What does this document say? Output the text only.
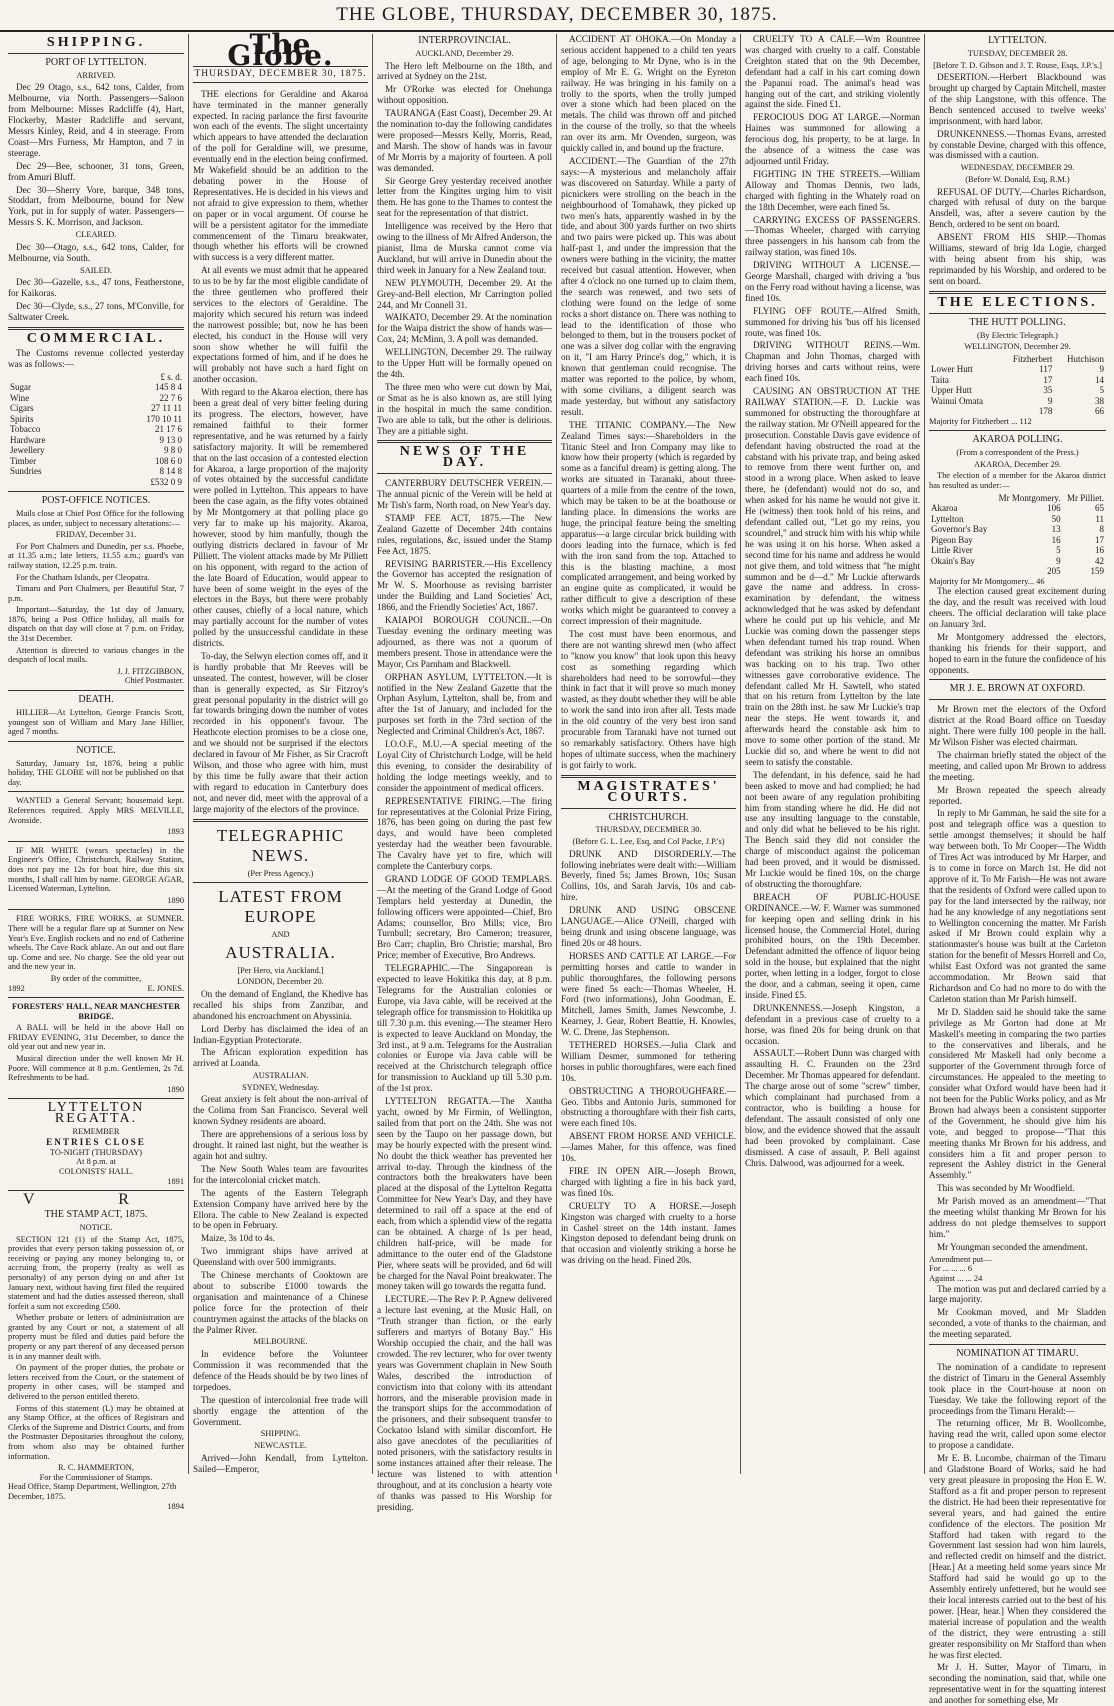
THE GLOBE, THURSDAY, DECEMBER 30, 1875.
SHIPPING.
PORT OF LYTTELTON.
ARRIVED.

Dec 29 Otago, s.s., 642 tons, Calder, from Melbourne, via North. Passengers—Saloon from Melbourne: Misses Radcliffe (4), Hart, Flockerby, Master Radcliffe and servant, Messrs Kinley, Reid, and 4 in steerage. From Coast—Mrs Furness, Mr Hampton, and 7 in steerage.

Dec 29—Bee, schooner, 31 tons, Green, from Amuri Bluff.

Dec 30—Sherry Vore, barque, 348 tons, Stoddart, from Melbourne, bound for New York, put in for supply of water. Passengers—Messrs S. K. Morrison, and Jackson.

CLEARED.

Dec 30—Otago, s.s., 642 tons, Calder, for Melbourne, via South.

SAILED.

Dec 30—Gazelle, s.s., 47 tons, Featherstone, for Kaikoras.

Dec 30—Clyde, s.s., 27 tons, M'Conville, for Saltwater Creek.

COMMERCIAL.

The Customs revenue collected yesterday was as follows:—

	£ s. d.
Sugar	145 8 4
Wine	22 7 6
Cigars	27 11 11
Spirits	170 10 11
Tobacco	21 17 6
Hardware	9 13 0
Jewellery	9 8 0
Timber	108 6 0
Sundries	8 14 8
	£532 0 9
POST-OFFICE NOTICES.

Mails close at Chief Post Office for the following places, as under, subject to necessary alterations:—

FRIDAY, December 31.

For Port Chalmers and Dunedin, per s.s. Phoebe, at 11.35 a.m.; late letters, 11.55 a.m.; guard's van railway station, 12.25 p.m. train.

For the Chatham Islands, per Cleopatra.

Timaru and Port Chalmers, per Beautiful Star, 7 p.m.

Important—Saturday, the 1st day of January, 1876, being a Post Office holiday, all mails for dispatch on that day will close at 7 p.m. on Friday, the 31st December.

Attention is directed to various changes in the despatch of local mails.

J. J. FITZGIBBON,
Chief Postmaster.
DEATH.

HILLIER—At Lyttelton, George Francis Scott, youngest son of William and Mary Jane Hillier, aged 7 months.

NOTICE.

Saturday, January 1st, 1876, being a public holiday, THE GLOBE will not be published on that day.

WANTED a General Servant; housemaid kept. References required. Apply MRS MELVILLE, Avonside.

1893

IF MR WHITE (wears spectacles) in the Engineer's Office, Christchurch, Railway Station, does not pay me 12s for boat hire, due this six months, I shall call him by name. GEORGE AGAR, Licensed Waterman, Lyttelton.

1890

FIRE WORKS, FIRE WORKS, at SUMNER. There will be a regular flare up at Sumner on New Year's Eve. English rockets and no end of Catherine wheels. The Cave Rock ablaze. An out and out flare up. Come and see. No charge. See the old year out and the new year in.

By order of the committee,
1892	E. JONES.
FORESTERS' HALL, NEAR MANCHESTER BRIDGE.

A BALL will be held in the above Hall on FRIDAY EVENING, 31st December, to dance the old year out and new year in.

Musical direction under the well known Mr H. Poore. Will commence at 8 p.m. Gentlemen, 2s 7d. Refreshments to be had.

1890
LYTTELTON REGATTA.
REMEMBER
ENTRIES CLOSE
TO-NIGHT (THURSDAY)
At 8 p.m. at
COLONISTS' HALL.
1891
V R
THE STAMP ACT, 1875.
NOTICE.

SECTION 121 (1) of the Stamp Act, 1875, provides that every person taking possession of, or receiving or paying any money belonging to, or accruing from, the property (realty as well as personalty) of any person dying on and after 1st January next, without having first filed the required statement and had the duties assessed thereon, shall forfeit a sum not exceeding £500.

Whether probate or letters of administration are granted by any Court or not, a statement of all property must be filed and duties paid before the property or any part thereof of any deceased person is in any manner dealt with.

On payment of the proper duties, the probate or letters received from the Court, or the statement of property in other cases, will be stamped and delivered to the person entitled thereto.

Forms of this statement (L) may be obtained at any Stamp Office, at the offices of Registrars and Clerks of the Supreme and District Courts, and from the Postmaster Depositaries throughout the colony, from whom also may be obtained further information.

R. C. HAMMERTON,
For the Commissioner of Stamps.
Head Office, Stamp Department, Wellington, 27th December, 1875.
1894
The Globe.
THURSDAY, DECEMBER 30, 1875.

THE elections for Geraldine and Akaroa have terminated in the manner generally expected. In racing parlance the first favourite won each of the events. The slight uncertainty which appears to have attended the declaration of the poll for Geraldine will, we presume, eventually end in the election being confirmed. Mr Wakefield should be an addition to the debating power in the House of Representatives. He is decided in his views and not afraid to give expression to them, whether on paper or in vocal argument. Of course he will be a persistent agitator for the immediate commencement of the Timaru breakwater, though whether his efforts will be crowned with success is a very different matter.

At all events we must admit that he appeared to us to be by far the most eligible candidate of the three gentlemen who proffered their services to the electors of Geraldine. The majority which secured his return was indeed the narrowest possible; but, now he has been elected, his conduct in the House will very soon show whether he will fulfil the expectations formed of him, and if he does he will probably not have such a hard fight on another occasion.

With regard to the Akaroa election, there has been a great deal of very bitter feeling during its progress. The electors, however, have remained faithful to their former representative, and he was returned by a fairly satisfactory majority. It will be remembered that on the last occasion of a contested election for Akaroa, a large proportion of the majority of votes obtained by the successful candidate were polled in Lyttelton. This appears to have been the case again, as the fifty votes obtained by Mr Montgomery at that polling place go very far to make up his majority. Akaroa, however, stood by him manfully, though the outlying districts declared in favour of Mr Pilliett. The violent attacks made by Mr Pilliett on his opponent, with regard to the action of the late Board of Education, would appear to have been of some weight in the eyes of the electors in the Bays, but there were probably other causes, chiefly of a local nature, which may partially account for the number of votes polled by the unsuccessful candidate in these districts.

To-day, the Selwyn election comes off, and it is hardly probable that Mr Reeves will be unseated. The contest, however, will be closer than is generally expected, as Sir Fitzroy's great personal popularity in the district will go far towards bringing down the number of votes recorded in his opponent's favour. The Heathcote election promises to be a close one, and we should not be surprised if the electors declared in favour of Mr Fisher, as Sir Cracroft Wilson, and those who agree with him, must by this time be fully aware that their action with regard to education in Canterbury does not, and never did, meet with the approval of a large majority of the electors of the province.

TELEGRAPHIC NEWS.
(Per Press Agency.)
LATEST FROM EUROPE
AND
AUSTRALIA.
[Per Hero, via Auckland.]
LONDON, December 20.

On the demand of England, the Khedive has recalled his ships from Zanzibar, and abandoned his encroachment on Abyssinia.

Lord Derby has disclaimed the idea of an Indian-Egyptian Protectorate.

The African exploration expedition has arrived at Loanda.

AUSTRALIAN.
SYDNEY, Wednesday.

Great anxiety is felt about the non-arrival of the Colima from San Francisco. Several well known Sydney residents are aboard.

There are apprehensions of a serious loss by drought. It rained last night, but the weather is again hot and sultry.

The New South Wales team are favourites for the intercolonial cricket match.

The agents of the Eastern Telegraph Extension Company have arrived here by the Ellora. The cable to New Zealand is expected to be open in February.

Maize, 3s 10d to 4s.

Two immigrant ships have arrived at Queensland with over 500 immigrants.

The Chinese merchants of Cooktown are about to subscribe £1000 towards the organisation and maintenance of a Chinese police force for the protection of their countrymen against the attacks of the blacks on the Palmer River.

MELBOURNE.

In evidence before the Volunteer Commission it was recommended that the defence of the Heads should be by two lines of torpedoes.

The question of intercolonial free trade will shortly engage the attention of the Government.

SHIPPING.
NEWCASTLE.

Arrived—John Kendall, from Lyttelton. Sailed—Emperor,

INTERPROVINCIAL.
AUCKLAND, December 29.

The Hero left Melbourne on the 18th, and arrived at Sydney on the 21st.

Mr O'Rorke was elected for Onehunga without opposition.

TAURANGA (East Coast), December 29. At the nomination to-day the following candidates were proposed—Messrs Kelly, Morris, Read, and Marsh. The show of hands was in favour of Mr Morris by a majority of fourteen. A poll was demanded.

Sir George Grey yesterday received another letter from the Kingites urging him to visit them. He has gone to the Thames to contest the seat for the representation of that district.

Intelligence was received by the Hero that owing to the illness of Mr Alfred Anderson, the pianist, Ilma de Murska cannot come via Auckland, but will arrive in Dunedin about the third week in January for a New Zealand tour.

NEW PLYMOUTH, December 29. At the Grey-and-Bell election, Mr Carrington polled 244, and Mr Connell 31.

WAIKATO, December 29. At the nomination for the Waipa district the show of hands was—Cox, 24; McMinn, 3. A poll was demanded.

WELLINGTON, December 29. The railway to the Upper Hutt will be formally opened on the 4th.

The three men who were cut down by Mai, or Smat as he is also known as, are still lying in the hospital in much the same condition. Two are able to talk, but the other is delirious. They are a pitiable sight.

NEWS OF THE DAY.

CANTERBURY DEUTSCHER VEREIN.—The annual picnic of the Verein will be held at Mr Tish's farm, North road, on New Year's day.

STAMP FEE ACT, 1875.—The New Zealand Gazette of December 24th contains rules, regulations, &c, issued under the Stamp Fee Act, 1875.

REVISING BARRISTER.—His Excellency the Governor has accepted the resignation of Mr W. S. Moorhouse as revising barrister under the Building and Land Societies' Act, 1866, and the Friendly Societies' Act, 1867.

KAIAPOI BOROUGH COUNCIL.—On Tuesday evening the ordinary meeting was adjourned, as there was not a quorum of members present. Those in attendance were the Mayor, Crs Parnham and Blackwell.

ORPHAN ASYLUM, LYTTELTON.—It is notified in the New Zealand Gazette that the Orphan Asylum, Lyttelton, shall be, from and after the 1st of January, and included for the purposes set forth in the 73rd section of the Neglected and Criminal Children's Act, 1867.

I.O.O.F., M.U.—A special meeting of the Loyal City of Christchurch Lodge, will be held this evening, to consider the desirability of holding the lodge meetings weekly, and to consider the appointment of medical officers.

REPRESENTATIVE FIRING.—The firing for representatives at the Colonial Prize Firing, 1876, has been going on during the past few days, and would have been completed yesterday had the weather been favourable. The Cavalry have yet to fire, which will complete the Canterbury corps.

GRAND LODGE OF GOOD TEMPLARS.—At the meeting of the Grand Lodge of Good Templars held yesterday at Dunedin, the following officers were appointed—Chief, Bro Adams; counsellor, Bro Mills; vice, Bro Turnbull; secretary, Bro Cameron; treasurer, Bro Carr; chaplin, Bro Christie; marshal, Bro Price; member of Executive, Bro Andrews.

TELEGRAPHIC.—The Singaporean is expected to leave Hokitika this day, at 8 p.m. Telegrams for the Australian colonies or Europe, via Java cable, will be received at the telegraph office for transmission to Hokitika up till 7.30 p.m. this evening.—The steamer Hero is expected to leave Auckland on Monday, the 3rd inst., at 9 a.m. Telegrams for the Australian colonies or Europe via Java cable will be received at the Christchurch telegraph office for transmission to Auckland up till 5.30 p.m. of the 1st prox.

LYTTELTON REGATTA.—The Xantha yacht, owned by Mr Firmin, of Wellington, sailed from that port on the 24th. She was not seen by the Taupo on her passage down, but may be hourly expected with the present wind. No doubt the thick weather has prevented her arrival to-day. Through the kindness of the contractors both the breakwaters have been placed at the disposal of the Lyttelton Regatta Committee for New Year's Day, and they have determined to rail off a space at the end of each, from which a splendid view of the regatta can be obtained. A charge of 1s per head, children half-price, will be made for admittance to the outer end of the Gladstone Pier, where seats will be provided, and 6d will be charged for the Naval Point breakwater. The money taken will go towards the regatta fund.

LECTURE.—The Rev P. P. Agnew delivered a lecture last evening, at the Music Hall, on "Truth stranger than fiction, or the early sufferers and martyrs of Botany Bay." His Worship occupied the chair, and the hall was crowded. The rev lecturer, who for over twenty years was Government chaplain in New South Wales, described the introduction of convictism into that colony with its attendant horrors, and the miserable provision made in the transport ships for the accommodation of the prisoners, and their subsequent transfer to Cockatoo Island with similar discomfort. He also gave anecdotes of the peculiarities of noted prisoners, with the satisfactory results in some instances attained after their release. The lecture was listened to with attention throughout, and at its conclusion a hearty vote of thanks was passed to His Worship for presiding.

ACCIDENT AT OHOKA.—On Monday a serious accident happened to a child ten years of age, belonging to Mr Dyne, who is in the employ of Mr E. G. Wright on the Eyreton railway. He was bringing in his family on a trolly to the sports, when the trolly jumped over a stone which had been placed on the metals. The child was thrown off and pitched in the course of the trolly, so that the wheels ran over its arm. Mr Ovenden, surgeon, was quickly called in, and bound up the fracture.

ACCIDENT.—The Guardian of the 27th says:—A mysterious and melancholy affair was discovered on Saturday. While a party of picnickers were strolling on the beach in the neighbourhood of Tomahawk, they picked up two men's hats, apparently washed in by the tide, and about 300 yards further on two shirts and two pairs were picked up. This was about half-past 1, and under the impression that the owners were bathing in the vicinity, the matter received but casual attention. However, when after 4 o'clock no one turned up to claim them, the search was renewed, and two sets of clothing were found on the ledge of some rocks a short distance on. There was nothing to lead to the identification of those who belonged to them, but in the trousers pocket of one was a silver dog collar with the engraving on it, "I am Harry Prince's dog," which, it is known that gentleman could recognise. The matter was reported to the police, by whom, with some civilians, a diligent search was made yesterday, but without any satisfactory result.

THE TITANIC COMPANY.—The New Zealand Times says:—Shareholders in the Titanic Steel and Iron Company may like to know how their property (which is regarded by some as a fanciful dream) is getting along. The works are situated in Taranaki, about three-quarters of a mile from the centre of the town, which may be taken to be at the boathouse or landing place. In dimensions the works are huge, the principal feature being the smelting apparatus—a large circular brick building with doors leading into the furnace, which is fed with the iron sand from the top. Attached to this is the blasting machine, a most complicated arrangement, and being worked by an engine quite as complicated, it would be rather difficult to give a description of these works which might be guaranteed to convey a correct impression of their magnitude.

The cost must have been enormous, and there are not wanting shrewd men (who affect to "know you know" that look upon this heavy cost as something regarding which shareholders had need to be sorrowful—they think in fact that it will prove so much money wasted, as they doubt whether they will be able to work the sand into iron after all. Tests made in the old country of the very best iron sand procurable from Taranaki have not turned out so remarkably satisfactory. Others have high hopes of ultimate success, when the machinery is got fairly to work.

MAGISTRATES' COURTS.
CHRISTCHURCH.
THURSDAY, DECEMBER 30.
(Before G. L. Lee, Esq, and Col Packe, J.P.'s)

DRUNK AND DISORDERLY.—The following inebriates were dealt with:—William Beverly, fined 5s; James Brown, 10s; Susan Collins, 10s, and Sarah Jarvis, 10s and cab-hire.

DRUNK AND USING OBSCENE LANGUAGE.—Alice O'Neill, charged with being drunk and using obscene language, was fined 20s or 48 hours.

HORSES AND CATTLE AT LARGE.—For permitting horses and cattle to wander in public thoroughfares, the following persons were fined 5s each:—Thomas Wheeler, H. Ford (two informations), John Goodman, E. Mitchell, James Smith, James Newcombe, J. Kearney, J. Gear, Robert Beattie, H. Knowles, W. C. Drene, Jas Stephenson.

TETHERED HORSES.—Julia Clark and William Desmer, summoned for tethering horses in public thoroughfares, were each fined 10s.

OBSTRUCTING A THOROUGHFARE.—Geo. Tibbs and Antonio Juris, summoned for obstructing a thoroughfare with their fish carts, were each fined 10s.

ABSENT FROM HORSE AND VEHICLE.—James Maher, for this offence, was fined 10s.

FIRE IN OPEN AIR.—Joseph Brown, charged with lighting a fire in his back yard, was fined 10s.

CRUELTY TO A HORSE.—Joseph Kingston was charged with cruelty to a horse in Cashel street on the 14th instant. James Kingston deposed to defendant being drunk on that occasion and violently striking a horse he was driving on the head. Fined 20s.

CRUELTY TO A CALF.—Wm Rountree was charged with cruelty to a calf. Constable Creighton stated that on the 9th December, defendant had a calf in his cart coming down the Papanui road. The animal's head was hanging out of the cart, and striking violently against the side. Fined £1.

FEROCIOUS DOG AT LARGE.—Norman Haines was summoned for allowing a ferocious dog, his property, to be at large. In the absence of a witness the case was adjourned until Friday.

FIGHTING IN THE STREETS.—William Alloway and Thomas Dennis, two lads, charged with fighting in the Whately road on the 18th December, were each fined 5s.

CARRYING EXCESS OF PASSENGERS.—Thomas Wheeler, charged with carrying three passengers in his hansom cab from the railway station, was fined 10s.

DRIVING WITHOUT A LICENSE.—George Marshall, charged with driving a 'bus on the Ferry road without having a license, was fined 10s.

FLYING OFF ROUTE.—Alfred Smith, summoned for driving his 'bus off his licensed route, was fined 10s.

DRIVING WITHOUT REINS.—Wm. Chapman and John Thomas, charged with driving horses and carts without reins, were each fined 10s.

CAUSING AN OBSTRUCTION AT THE RAILWAY STATION.—F. D. Luckie was summoned for obstructing the thoroughfare at the railway station. Mr O'Neill appeared for the prosecution. Constable Davis gave evidence of defendant having obstructed the road at the cabstand with his private trap, and being asked to remove from there went further on, and stood in a wrong place. When asked to leave there, he (defendant) would not do so, and when asked for his name he would not give it. He (witness) then took hold of his reins, and defendant called out, "Let go my reins, you scoundrel," and struck him with his whip while he was using it on his horse. When asked a second time for his name and address he would not give them, and told witness that "he might summon and be d—d." Mr Luckie afterwards gave the name and address. In cross-examination by defendant, the witness acknowledged that he was asked by defendant where he could put up his vehicle, and Mr Luckie was coming down the passenger steps when defendant turned his trap round. When defendant was striking his horse an omnibus was backing on to his trap. Two other witnesses gave corroborative evidence. The defendant called Mr H. Sawtell, who stated that on his return from Lyttelton by the late train on the 28th inst. he saw Mr Luckie's trap near the steps. He went towards it, and afterwards heard the constable ask him to move to some other portion of the stand. Mr Luckie did so, and where he went to did not seem to satisfy the constable.

The defendant, in his defence, said he had been asked to move and had complied; he had not been aware of any regulation prohibiting him from standing where he did. He did not use any insulting language to the constable, and only did what he believed to be his right. The Bench said they did not consider the charge of misconduct against the policeman had been proved, and it would be dismissed. Mr Luckie would be fined 10s, on the charge of obstructing the thoroughfare.

BREACH OF PUBLIC-HOUSE ORDINANCE.—W. F. Warner was summoned for keeping open and selling drink in his licensed house, the Commercial Hotel, during prohibited hours, on the 19th December. Defendant admitted the offence of liquor being sold in the house, but explained that the night porter, when letting in a lodger, forgot to close the door, and a cabman, seeing it open, came inside. Fined £5.

DRUNKENNESS.—Joseph Kingston, a defendant in a previous case of cruelty to a horse, was fined 20s for being drunk on that occasion.

ASSAULT.—Robert Dunn was charged with assaulting H. C. Fraunden on the 23rd December. Mr Thomas appeared for defendant. The charge arose out of some "screw" timber, which complainant had purchased from a contractor, who is building a house for defendant. The assault consisted of only one blow, and the evidence showed that the assault had been provoked by complainant. Case dismissed. A case of assault, P. Bell against Chris. Dalwood, was adjourned for a week.

LYTTELTON.
TUESDAY, DECEMBER 28.
[Before T. D. Gibson and J. T. Rouse, Esqs, J.P.'s.]

DESERTION.—Herbert Blackbound was brought up charged by Captain Mitchell, master of the ship Langstone, with this offence. The Bench sentenced accused to twelve weeks' imprisonment, with hard labor.

DRUNKENNESS.—Thomas Evans, arrested by constable Devine, charged with this offence, was dismissed with a caution.

WEDNESDAY, DECEMBER 29.
(Before W. Donald, Esq, R.M.)

REFUSAL OF DUTY.—Charles Richardson, charged with refusal of duty on the barque Ansdell, was, after a severe caution by the Bench, ordered to be sent on board.

ABSENT FROM HIS SHIP.—Thomas Williams, steward of brig Ida Logie, charged with being absent from his ship, was reprimanded by his Worship, and ordered to be sent on board.

THE ELECTIONS.
THE HUTT POLLING.
(By Electric Telegraph.)
WELLINGTON, December 29.
	Fitzherbert	Hutchison
Lower Hutt	117	9
Taita	17	14
Upper Hutt	35	5
Wainui Omata	9	38
	178	66
Majority for Fitzherbert ... 112
AKAROA POLLING.
(From a correspondent of the Press.)
AKAROA, December 29.

The election of a member for the Akaroa district has resulted as under:—

	Mr Montgomery.	Mr Pilliet.
Akaroa	106	65
Lyttelton	50	11
Governor's Bay	13	8
Pigeon Bay	16	17
Little River	5	16
Okain's Bay	9	42
	205	159
Majority for Mr Montgomery... 46

The election caused great excitement during the day, and the result was received with loud cheers. The official declaration will take place on January 3rd.

Mr Montgomery addressed the electors, thanking his friends for their support, and hoped to earn in the future the confidence of his opponents.

MR J. E. BROWN AT OXFORD.

Mr Brown met the electors of the Oxford district at the Road Board office on Tuesday night. There were fully 100 people in the hall. Mr Wilson Fisher was elected chairman.

The chairman briefly stated the object of the meeting, and called upon Mr Brown to address the meeting.

Mr Brown repeated the speech already reported.

In reply to Mr Gamman, he said the site for a post and telegraph office was a question to settle amongst themselves; it should be half way between both. To Mr Cooper—The Width of Tires Act was introduced by Mr Harper, and is to come in force on March 1st. He did not approve of it. To Mr Farish—He was not aware that the residents of Oxford were called upon to pay for the land intersected by the railway, nor had he any knowledge of any negotiations sent to Wellington concerning the matter. Mr Farish asked if Mr Brown could explain why a stationmaster's house was built at the Carleton station for the benefit of Messrs Horrell and Co, whilst East Oxford was not granted the same accommodation. Mr Brown said that Richardson and Co had no more to do with the Carleton station than Mr Parish himself.

Mr D. Sladden said he should take the same privilege as Mr Gorton had done at Mr Maskell's meeting in comparing the two parties to the conservatives and liberals, and he considered Mr Maskell had only become a supporter of the Government through force of circumstances. He appealed to the meeting to consider what Oxford would have been had it not been for the Public Works policy, and as Mr Brown had always been a consistent supporter of the Government, he should give him his vote, and begged to propose—"That this meeting thanks Mr Brown for his address, and considers him a fit and proper person to represent the Ashley district in the General Assembly."

This was seconded by Mr Woodfield.

Mr Parish moved as an amendment—"That the meeting whilst thanking Mr Brown for his address do not pledge themselves to support him."

Mr Youngman seconded the amendment.

Amendment put—
For ... ... ... 6
Against ... ... 24

The motion was put and declared carried by a large majority.

Mr Cookman moved, and Mr Sladden seconded, a vote of thanks to the chairman, and the meeting separated.

NOMINATION AT TIMARU.

The nomination of a candidate to represent the district of Timaru in the General Assembly took place in the Court-house at noon on Tuesday. We take the following report of the proceedings from the Timaru Herald:—

The returning officer, Mr B. Woollcombe, having read the writ, called upon some elector to propose a candidate.

Mr E. B. Lucombe, chairman of the Timaru and Gladstone Board of Works, said he had very great pleasure in proposing the Hon E. W. Stafford as a fit and proper person to represent the district. He had been their representative for several years, and had gained the entire confidence of the electors. The position Mr Stafford had taken with regard to the Government last session had won him laurels, and reflected credit on himself and the district. [Hear.] At a meeting held some years since Mr Stafford had said he would go up to the Assembly entirely unfettered, but he would see their local interests carried out to the best of his power. [Hear, hear.] When they considered the material increase of population and the wealth of the district, they were entrusting a still greater responsibility on Mr Stafford than when he was first elected.

Mr J. H. Sutter, Mayor of Timaru, in seconding the nomination, said that, while one representative went in for the squatting interest and another for something else, Mr
